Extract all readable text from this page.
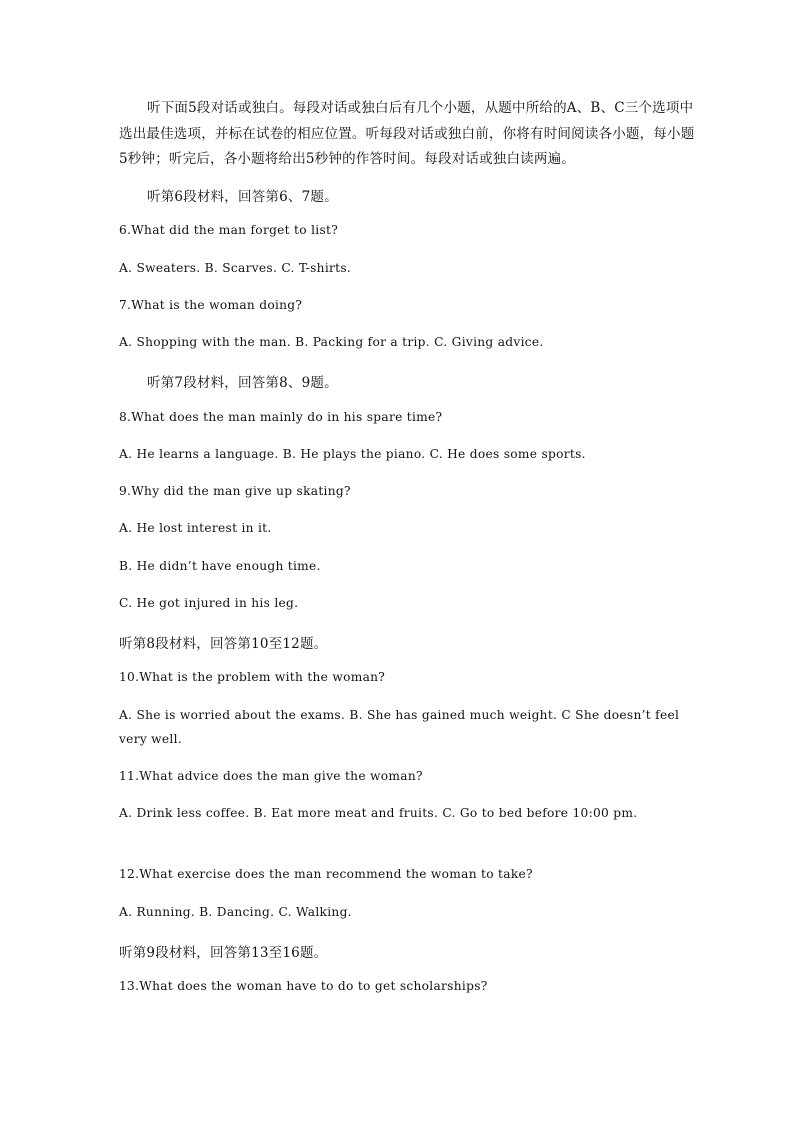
听下面5段对话或独白。每段对话或独白后有几个小题，从题中所给的A、B、C三个选项中选出最佳选项，并标在试卷的相应位置。听每段对话或独白前，你将有时间阅读各小题，每小题5秒钟；听完后，各小题将给出5秒钟的作答时间。每段对话或独白读两遍。

听第6段材料，回答第6、7题。

6.What did the man forget to list?

A. Sweaters. B. Scarves. C. T-shirts.

7.What is the woman doing?

A. Shopping with the man. B. Packing for a trip. C. Giving advice.

听第7段材料，回答第8、9题。

8.What does the man mainly do in his spare time?

A. He learns a language. B. He plays the piano. C. He does some sports.

9.Why did the man give up skating?

A. He lost interest in it.

B. He didn’t have enough time.

C. He got injured in his leg.

听第8段材料，回答第10至12题。

10.What is the problem with the woman?

A. She is worried about the exams. B. She has gained much weight. C She doesn’t feel very well.

11.What advice does the man give the woman?

A. Drink less coffee. B. Eat more meat and fruits. C. Go to bed before 10:00 pm.

12.What exercise does the man recommend the woman to take?

A. Running. B. Dancing. C. Walking.

听第9段材料，回答第13至16题。

13.What does the woman have to do to get scholarships?
